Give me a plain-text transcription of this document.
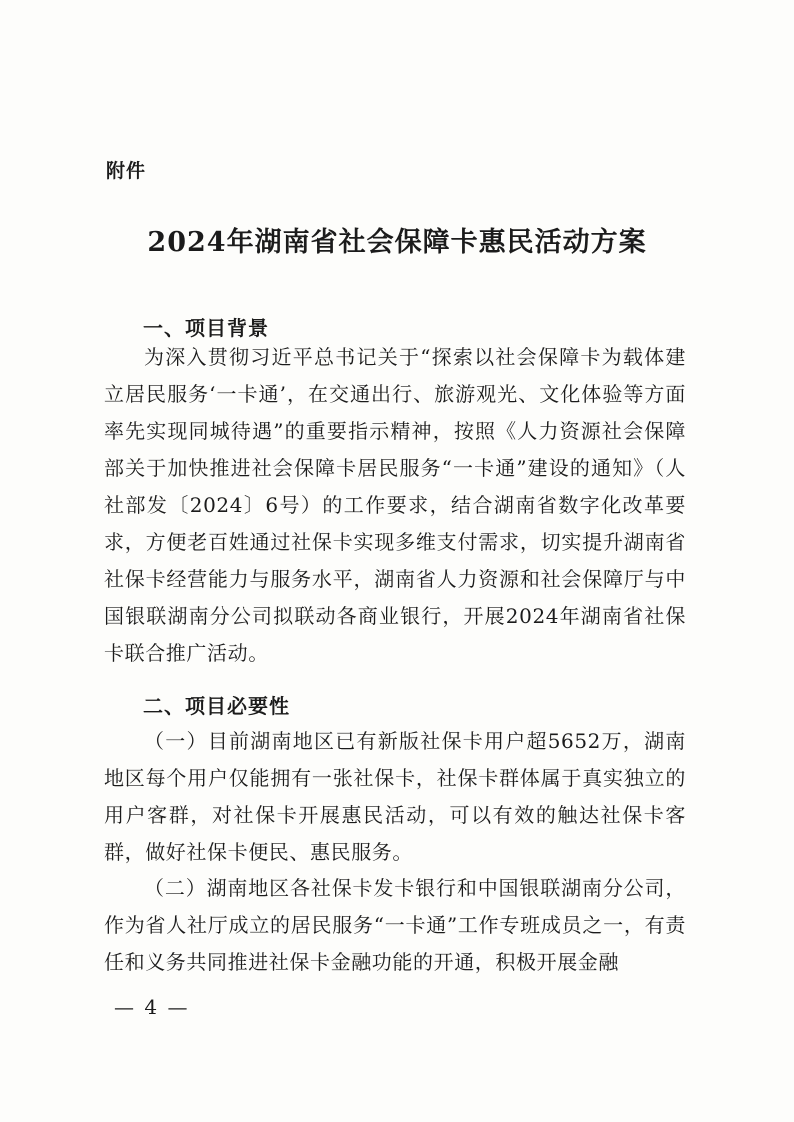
附件
2024年湖南省社会保障卡惠民活动方案
一、项目背景

为深入贯彻习近平总书记关于“探索以社会保障卡为载体建立居民服务‘一卡通’，在交通出行、旅游观光、文化体验等方面率先实现同城待遇”的重要指示精神，按照《人力资源社会保障部关于加快推进社会保障卡居民服务“一卡通”建设的通知》（人社部发〔2024〕6号）的工作要求，结合湖南省数字化改革要求，方便老百姓通过社保卡实现多维支付需求，切实提升湖南省社保卡经营能力与服务水平，湖南省人力资源和社会保障厅与中国银联湖南分公司拟联动各商业银行，开展2024年湖南省社保卡联合推广活动。

二、项目必要性

（一）目前湖南地区已有新版社保卡用户超5652万，湖南地区每个用户仅能拥有一张社保卡，社保卡群体属于真实独立的用户客群，对社保卡开展惠民活动，可以有效的触达社保卡客群，做好社保卡便民、惠民服务。

（二）湖南地区各社保卡发卡银行和中国银联湖南分公司，作为省人社厅成立的居民服务“一卡通”工作专班成员之一，有责任和义务共同推进社保卡金融功能的开通，积极开展金融

— 4 —
